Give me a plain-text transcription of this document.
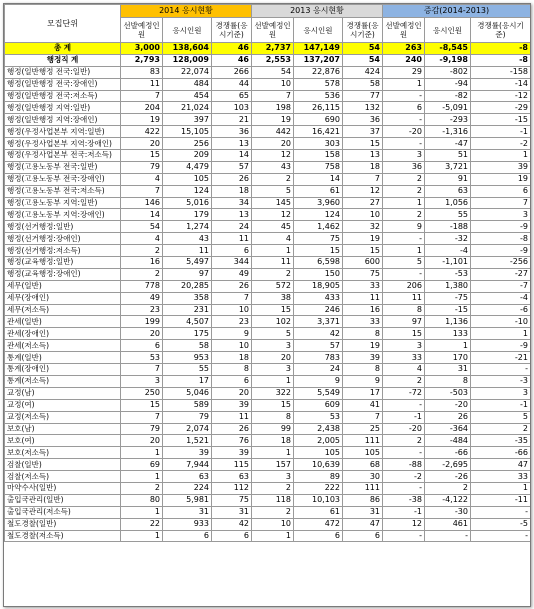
모집단위	2014 응시현황			2013 응시현황			증감(2014-2013)		
	선발예정인원	응시인원	경쟁률(응시기준)	선발예정인원	응시인원	경쟁률(응시기준)	선발예정인원	응시인원	경쟁률(응시기준)
총 계	3,000	138,604	46	2,737	147,149	54	263	-8,545	-8
행정직 계	2,793	128,009	46	2,553	137,207	54	240	-9,198	-8
행정(일반행정 전국:일반)	83	22,074	266	54	22,876	424	29	-802	-158
행정(일반행정 전국:장애인)	11	484	44	10	578	58	1	-94	-14
행정(일반행정 전국:저소득)	7	454	65	7	536	77	-	-82	-12
행정(일반행정 지역:일반)	204	21,024	103	198	26,115	132	6	-5,091	-29
행정(일반행정 지역:장애인)	19	397	21	19	690	36	-	-293	-15
행정(우정사업본부 지역:일반)	422	15,105	36	442	16,421	37	-20	-1,316	-1
행정(우정사업본부 지역:장애인)	20	256	13	20	303	15	-	-47	-2
행정(우정사업본부 전국:저소득)	15	209	14	12	158	13	3	51	1
행정(고용노동부 전국:일반)	79	4,479	57	43	758	18	36	3,721	39
행정(고용노동부 전국:장애인)	4	105	26	2	14	7	2	91	19
행정(고용노동부 전국:저소득)	7	124	18	5	61	12	2	63	6
행정(고용노동부 지역:일반)	146	5,016	34	145	3,960	27	1	1,056	7
행정(고용노동부 지역:장애인)	14	179	13	12	124	10	2	55	3
행정(선거행정:일반)	54	1,274	24	45	1,462	32	9	-188	-9
행정(선거행정:장애인)	4	43	11	4	75	19	-	-32	-8
행정(선거행정:저소득)	2	11	6	1	15	15	1	-4	-9
행정(교육행정:일반)	16	5,497	344	11	6,598	600	5	-1,101	-256
행정(교육행정:장애인)	2	97	49	2	150	75	-	-53	-27
세무(일반)	778	20,285	26	572	18,905	33	206	1,380	-7
세무(장애인)	49	358	7	38	433	11	11	-75	-4
세무(저소득)	23	231	10	15	246	16	8	-15	-6
관세(일반)	199	4,507	23	102	3,371	33	97	1,136	-10
관세(장애인)	20	175	9	5	42	8	15	133	1
관세(저소득)	6	58	10	3	57	19	3	1	-9
통계(일반)	53	953	18	20	783	39	33	170	-21
통계(장애인)	7	55	8	3	24	8	4	31	-
통계(저소득)	3	17	6	1	9	9	2	8	-3
교정(남)	250	5,046	20	322	5,549	17	-72	-503	3
교정(여)	15	589	39	15	609	41	-	-20	-1
교정(저소득)	7	79	11	8	53	7	-1	26	5
보호(남)	79	2,074	26	99	2,438	25	-20	-364	2
보호(여)	20	1,521	76	18	2,005	111	2	-484	-35
보호(저소득)	1	39	39	1	105	105	-	-66	-66
검찰(일반)	69	7,944	115	157	10,639	68	-88	-2,695	47
검찰(저소득)	1	63	63	3	89	30	-2	-26	33
마약수사(일반)	2	224	112	2	222	111	-	2	1
출입국관리(일반)	80	5,981	75	118	10,103	86	-38	-4,122	-11
출입국관리(저소득)	1	31	31	2	61	31	-1	-30	-
철도경찰(일반)	22	933	42	10	472	47	12	461	-5
철도경찰(저소득)	1	6	6	1	6	6	-	-	-
